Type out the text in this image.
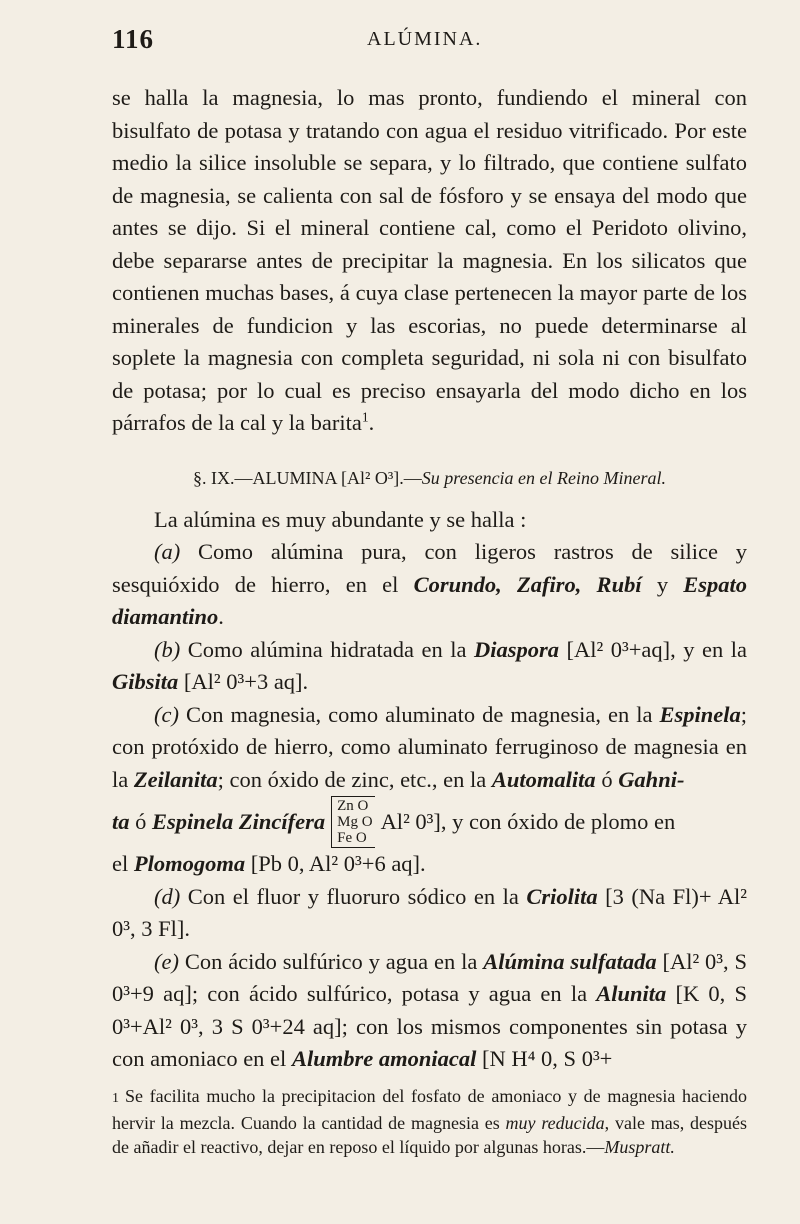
116	ALÚMINA.

se halla la magnesia, lo mas pronto, fundiendo el mineral con bisulfato de potasa y tratando con agua el residuo vitrificado. Por este medio la silice insoluble se separa, y lo filtrado, que contiene sulfato de magnesia, se calienta con sal de fósforo y se ensaya del modo que antes se dijo. Si el mineral contiene cal, como el Peridoto olivino, debe separarse antes de precipitar la magnesia. En los silicatos que contienen muchas bases, á cuya clase pertenecen la mayor parte de los minerales de fundicion y las escorias, no puede determinarse al soplete la magnesia con completa seguridad, ni sola ni con bisulfato de potasa; por lo cual es preciso ensayarla del modo dicho en los párrafos de la cal y la barita$^1$.

§. IX.—ALUMINA [Al² O³].—Su presencia en el Reino Mineral.

La alúmina es muy abundante y se halla :

(a) Como alúmina pura, con ligeros rastros de silice y sesquióxido de hierro, en el Corundo, Zafiro, Rubí y Espato diamantino.

(b) Como alúmina hidratada en la Diaspora [Al² 0³+aq], y en la Gibsita [Al² 0³+3 aq].

(c) Con magnesia, como aluminato de magnesia, en la Espinela; con protóxido de hierro, como aluminato ferruginoso de magnesia en la Zeilanita; con óxido de zinc, etc., en la Automalita ó Gahni-

ta
ó
Espinela Zincífera
Zn O
Mg O
Fe O
Al² 0³], y con óxido de plomo en

el Plomogoma [Pb 0, Al² 0³+6 aq].

(d) Con el fluor y fluoruro sódico en la Criolita [3 (Na Fl)+ Al² 0³, 3 Fl].

(e) Con ácido sulfúrico y agua en la Alúmina sulfatada [Al² 0³, S 0³+9 aq]; con ácido sulfúrico, potasa y agua en la Alunita [K 0, S 0³+Al² 0³, 3 S 0³+24 aq]; con los mismos componentes sin potasa y con amoniaco en el Alumbre amoniacal [N H⁴ 0, S 0³+

1 Se facilita mucho la precipitacion del fosfato de amoniaco y de magnesia haciendo hervir la mezcla. Cuando la cantidad de magnesia es muy reducida, vale mas, después de añadir el reactivo, dejar en reposo el líquido por algunas horas.—Muspratt.
